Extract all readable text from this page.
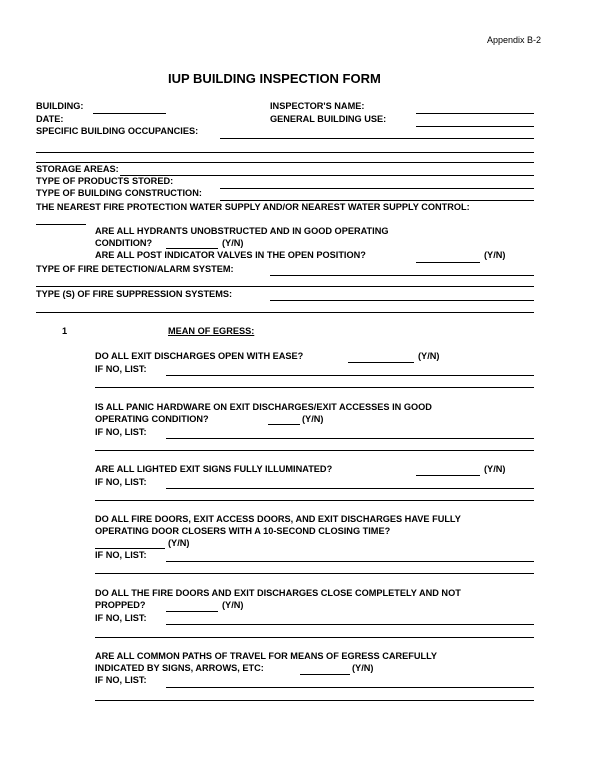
Appendix B-2
IUP BUILDING INSPECTION FORM
BUILDING:	INSPECTOR'S NAME:
DATE:	GENERAL BUILDING USE:
SPECIFIC BUILDING OCCUPANCIES:
STORAGE AREAS:
TYPE OF PRODUCTS STORED:
TYPE OF BUILDING CONSTRUCTION:
THE NEAREST FIRE PROTECTION WATER SUPPLY AND/OR NEAREST WATER SUPPLY CONTROL:
ARE ALL HYDRANTS UNOBSTRUCTED AND IN GOOD OPERATING
CONDITION?	(Y/N)
ARE ALL POST INDICATOR VALVES IN THE OPEN POSITION?	(Y/N)
TYPE OF FIRE DETECTION/ALARM SYSTEM:
TYPE (S) OF FIRE SUPPRESSION SYSTEMS:
1	MEAN OF EGRESS:
DO ALL EXIT DISCHARGES OPEN WITH EASE?	(Y/N)
IF NO, LIST:
IS ALL PANIC HARDWARE ON EXIT DISCHARGES/EXIT ACCESSES IN GOOD
OPERATING CONDITION?	(Y/N)
IF NO, LIST:
ARE ALL LIGHTED EXIT SIGNS FULLY ILLUMINATED?	(Y/N)
IF NO, LIST:
DO ALL FIRE DOORS, EXIT ACCESS DOORS, AND EXIT DISCHARGES HAVE FULLY
OPERATING DOOR CLOSERS WITH A 10-SECOND CLOSING TIME?
(Y/N)
IF NO, LIST:
DO ALL THE FIRE DOORS AND EXIT DISCHARGES CLOSE COMPLETELY AND NOT
PROPPED?	(Y/N)
IF NO, LIST:
ARE ALL COMMON PATHS OF TRAVEL FOR MEANS OF EGRESS CAREFULLY
INDICATED BY SIGNS, ARROWS, ETC:	(Y/N)
IF NO, LIST:
